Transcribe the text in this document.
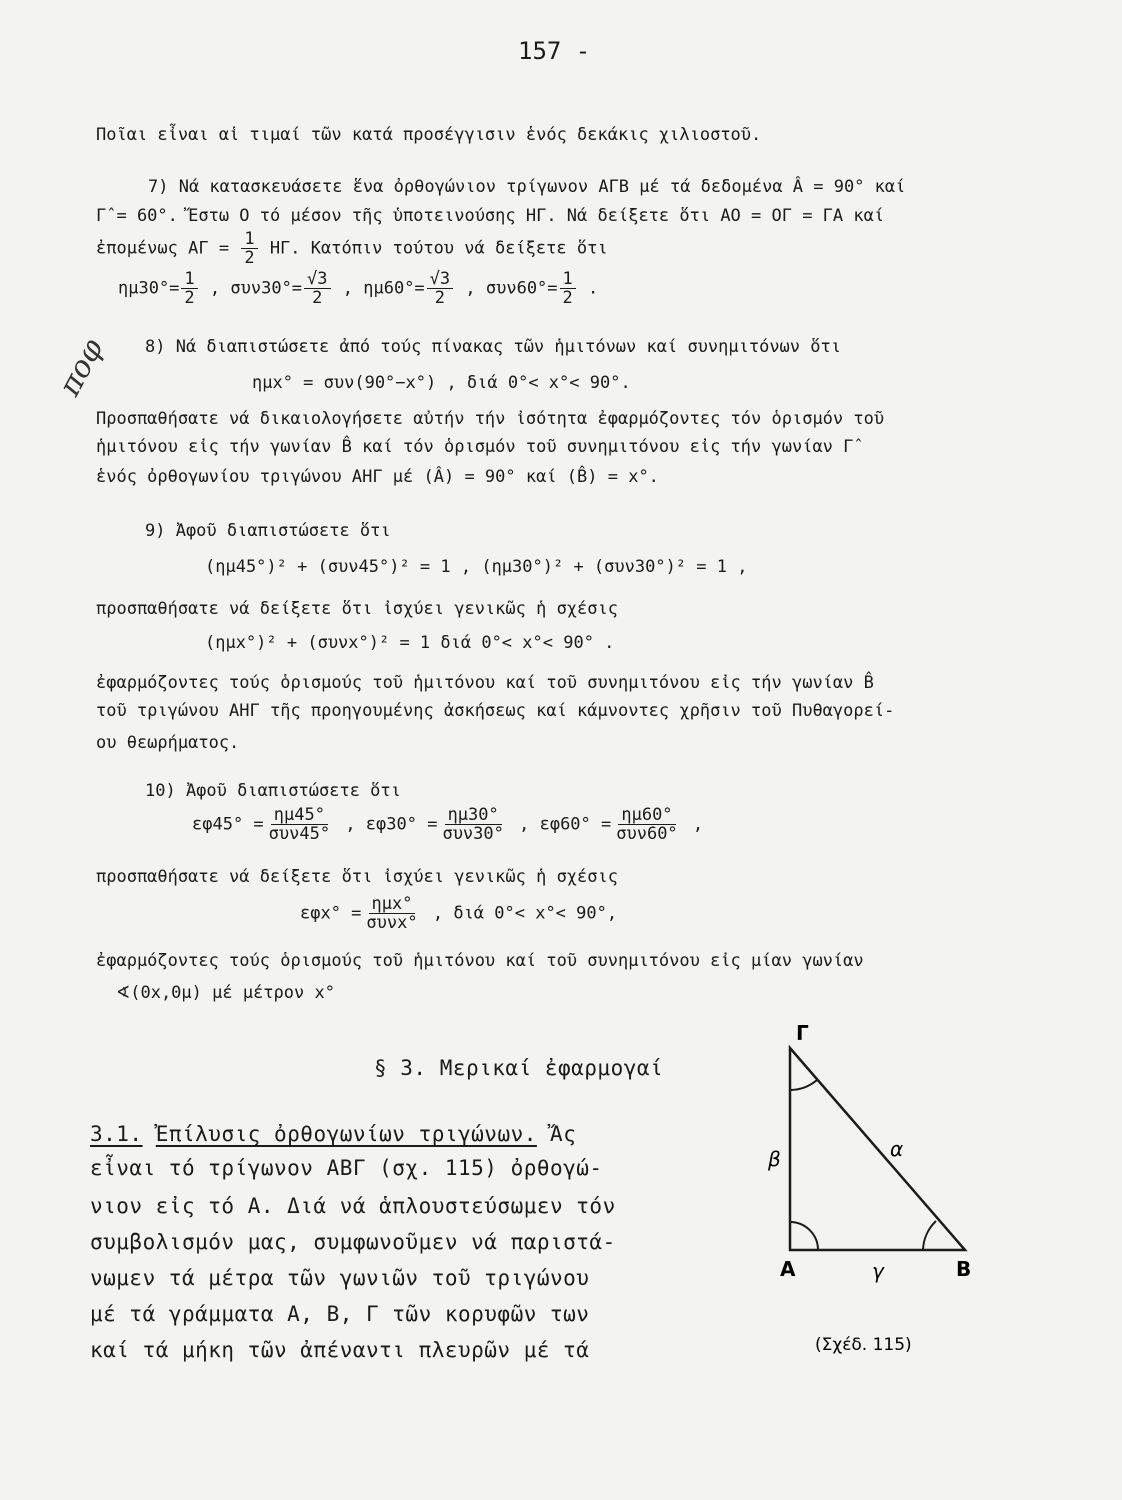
157 -
Ποῖαι εἶναι αἱ τιμαί τῶν κατά προσέγγισιν ἑνός δεκάκις χιλιοστοῦ.
7) Νά κατασκευάσετε ἕνα ὀρθογώνιον τρίγωνον ΑΓΒ μέ τά δεδομένα Â = 90° καί
Γ̂ = 60°. Ἔστω Ο τό μέσον τῆς ὑποτεινούσης ΗΓ. Νά δείξετε ὅτι ΑΟ = ΟΓ = ΓΑ καί
ἐπομένως $A\Gamma = \frac{1}{2} H\Gamma$. Κατόπιν τούτου νά δείξετε ὅτι
$\eta\mu 30^\circ= \frac{1}{2}$ , $\sigma\upsilon\nu 30^\circ= \frac{√3}{2}$ , $\eta\mu 60^\circ= \frac{√3}{2}$ , $\sigma\upsilon\nu 60^\circ= \frac{1}{2}$ .
ποφ 8) Νά διαπιστώσετε ἀπό τούς πίνακας τῶν ἡμιτόνων καί συνημιτόνων ὅτι
ημx° = συν(90°−x°) , διά 0°< x°< 90°.
Προσπαθήσατε νά δικαιολογήσετε αὐτήν τήν ἰσότητα ἐφαρμόζοντες τόν ὁρισμόν τοῦ
ἡμιτόνου εἰς τήν γωνίαν B̂ καί τόν ὁρισμόν τοῦ συνημιτόνου εἰς τήν γωνίαν Γ̂
ἑνός ὀρθογωνίου τριγώνου ΑΗΓ μέ (Â) = 90° καί (B̂) = x°.
9) Ἀφοῦ διαπιστώσετε ὅτι
(ημ45°)² + (συν45°)² = 1 , (ημ30°)² + (συν30°)² = 1 ,
προσπαθήσατε νά δείξετε ὅτι ἰσχύει γενικῶς ἡ σχέσις
(ημx°)² + (συνx°)² = 1 διά 0°< x°< 90° .
ἐφαρμόζοντες τούς ὁρισμούς τοῦ ἡμιτόνου καί τοῦ συνημιτόνου εἰς τήν γωνίαν B̂
τοῦ τριγώνου ΑΗΓ τῆς προηγουμένης ἀσκήσεως καί κάμνοντες χρῆσιν τοῦ Πυθαγορεί-
ου θεωρήματος.
10) Ἀφοῦ διαπιστώσετε ὅτι
$\varepsilon\varphi 45^\circ = \frac{\eta\mu 45^\circ}{\text{συν45°}}$ , $\varepsilon\varphi 30^\circ = \frac{\eta\mu 30^\circ}{\text{συν30°}}$ , $\varepsilon\varphi 60^\circ = \frac{\eta\mu 60^\circ}{\text{συν60°}}$ ,
προσπαθήσατε νά δείξετε ὅτι ἰσχύει γενικῶς ἡ σχέσις
$\varepsilon\varphi x^\circ = \frac{\text{ημx°}}{\text{συνx°}}$ , διά 0°< x°< 90°,
ἐφαρμόζοντες τούς ὁρισμούς τοῦ ἡμιτόνου καί τοῦ συνημιτόνου εἰς μίαν γωνίαν
∢(0x,0μ) μέ μέτρον x°
§ 3. Μερικαί ἐφαρμογαί
3.1. Ἐπίλυσις ὀρθογωνίων τριγώνων. Ἄς
εἶναι τό τρίγωνον ΑΒΓ (σχ. 115) ὀρθογώ-
νιον εἰς τό Α. Διά νά ἁπλουστεύσωμεν τόν
συμβολισμόν μας, συμφωνοῦμεν νά παριστά-
νωμεν τά μέτρα τῶν γωνιῶν τοῦ τριγώνου
μέ τά γράμματα Α, Β, Γ τῶν κορυφῶν των
καί τά μήκη τῶν ἀπέναντι πλευρῶν μέ τά
Γ
A	B
α
β
γ
(Σχέδ. 115)
